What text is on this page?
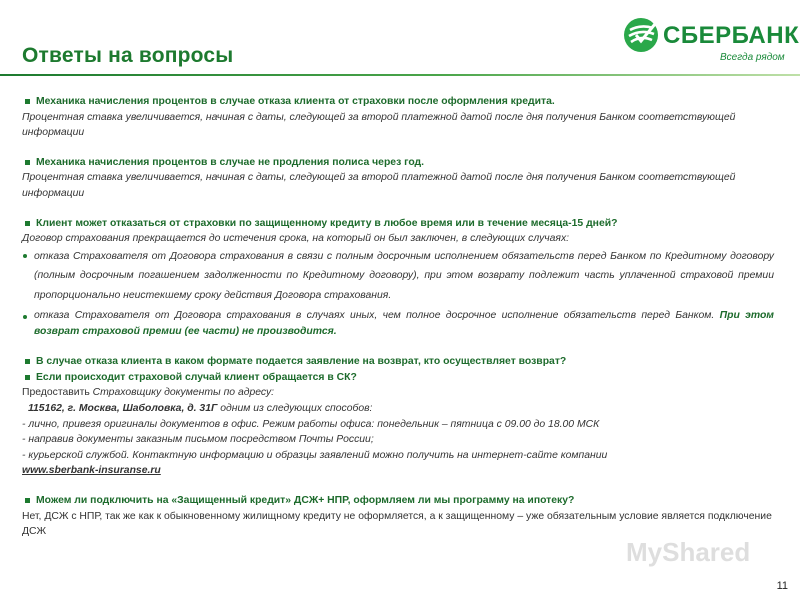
Ответы на вопросы
СБЕРБАНК
Всегда рядом
Механика начисления процентов в случае отказа клиента от страховки после оформления кредита.
Процентная ставка увеличивается, начиная с даты, следующей за второй платежной датой после дня получения Банком соответствующей информации
Механика начисления процентов в случае не продления полиса через год.
Процентная ставка увеличивается, начиная с даты, следующей за второй платежной датой после дня получения Банком соответствующей информации
Клиент может отказаться от страховки по защищенному кредиту в любое время или в течение месяца-15 дней?
Договор страхования прекращается до истечения срока, на который он был заключен, в следующих случаях:
отказа Страхователя от Договора страхования в связи с полным досрочным исполнением обязательств перед Банком по Кредитному договору (полным досрочным погашением задолженности по Кредитному договору), при этом возврату подлежит часть уплаченной страховой премии пропорционально неистекшему сроку действия Договора страхования.
отказа Страхователя от Договора страхования в случаях иных, чем полное досрочное исполнение обязательств перед Банком. При этом возврат страховой премии (ее части) не производится.
В случае отказа клиента в каком формате подается заявление на возврат, кто осуществляет возврат?
Если происходит страховой случай клиент обращается в СК?
Предоставить Страховщику документы по адресу:
115162, г. Москва, Шаболовка, д. 31Г одним из следующих способов:
- лично, привезя оригиналы документов в офис. Режим работы офиса: понедельник – пятница с 09.00 до 18.00 МСК
- направив документы заказным письмом посредством Почты России;
- курьерской службой. Контактную информацию и образцы заявлений можно получить на интернет-сайте компании
www.sberbank-insuranse.ru
Можем ли подключить на «Защищенный кредит» ДСЖ+ НПР, оформляем ли мы программу на ипотеку?
Нет, ДСЖ с НПР, так же как к обыкновенному жилищному кредиту не оформляется, а к защищенному – уже обязательным условие является подключение ДСЖ
MyShared
11
